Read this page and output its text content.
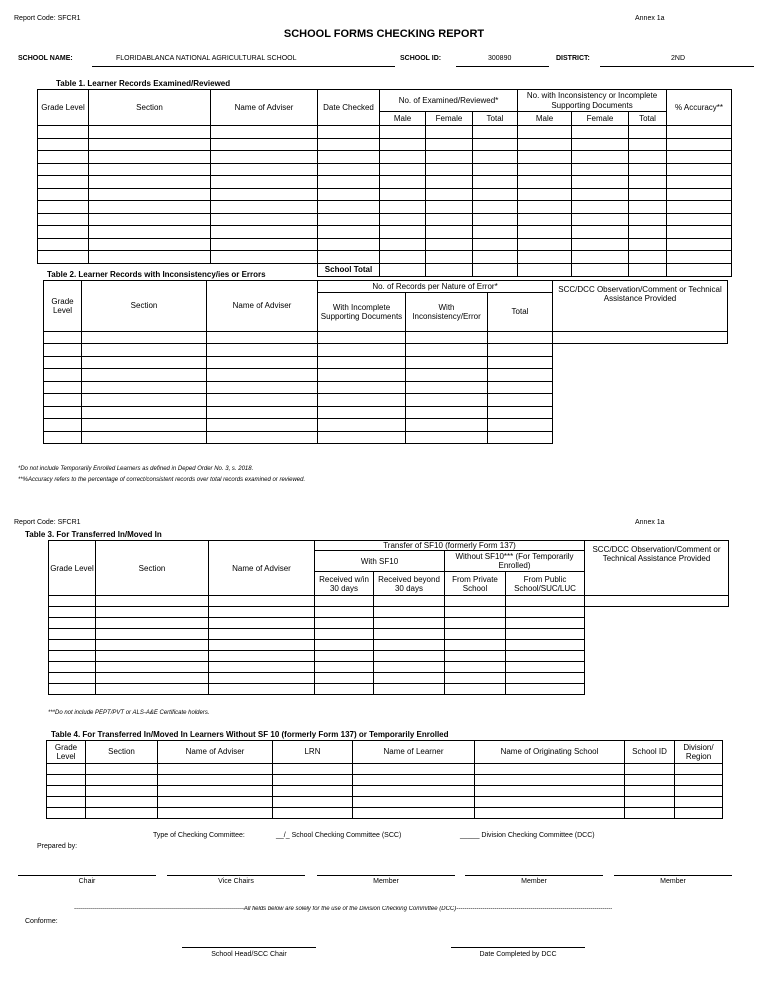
Report Code: SFCR1	Annex 1a
SCHOOL FORMS CHECKING REPORT
SCHOOL NAME:	FLORIDABLANCA NATIONAL AGRICULTURAL SCHOOL	SCHOOL ID:	300890	DISTRICT:	2ND
Table 1. Learner Records Examined/Reviewed
Grade Level	Section	Name of Adviser	Date Checked	No. of Examined/Reviewed*			No. with Inconsistency or Incomplete Supporting Documents			% Accuracy**
				Male	Female	Total	Male	Female	Total	

			School Total							
Table 2. Learner Records with Inconsistency/ies or Errors
Grade Level	Section	Name of Adviser	No. of Records per Nature of Error*			SCC/DCC Observation/Comment or Technical Assistance Provided
			With Incomplete Supporting Documents	With Inconsistency/Error	Total	

*Do not include Temporarily Enrolled Learners as defined in Deped Order No. 3, s. 2018.
**%Accuracy refers to the percentage of correct/consistent records over total records examined or reviewed.
Report Code: SFCR1	Annex 1a
Table 3. For Transferred In/Moved In
Grade Level	Section	Name of Adviser	Transfer of SF10 (formerly Form 137)				SCC/DCC Observation/Comment or Technical Assistance Provided
			With SF10		Without SF10*** (For Temporarily Enrolled)		
			Received w/in 30 days	Received beyond 30 days	From Private School	From Public School/SUC/LUC	

***Do not include PEPT/PVT or ALS-A&E Certificate holders.
Table 4. For Transferred In/Moved In Learners Without SF 10 (formerly Form 137) or Temporarily Enrolled
Grade Level	Section	Name of Adviser	LRN	Name of Learner	Name of Originating School	School ID	Division/ Region

Type of Checking Committee:	__/_ School Checking Committee (SCC)	_____ Division Checking Committee (DCC)
Prepared by:
Chair	Vice Chairs	Member	Member	Member
-------------------------------------------------------------------------------------All fields below are solely for the use of the Division Checking Committee (DCC)------------------------------------------------------------------------------
Conforme:
School Head/SCC Chair	Date Completed by DCC
